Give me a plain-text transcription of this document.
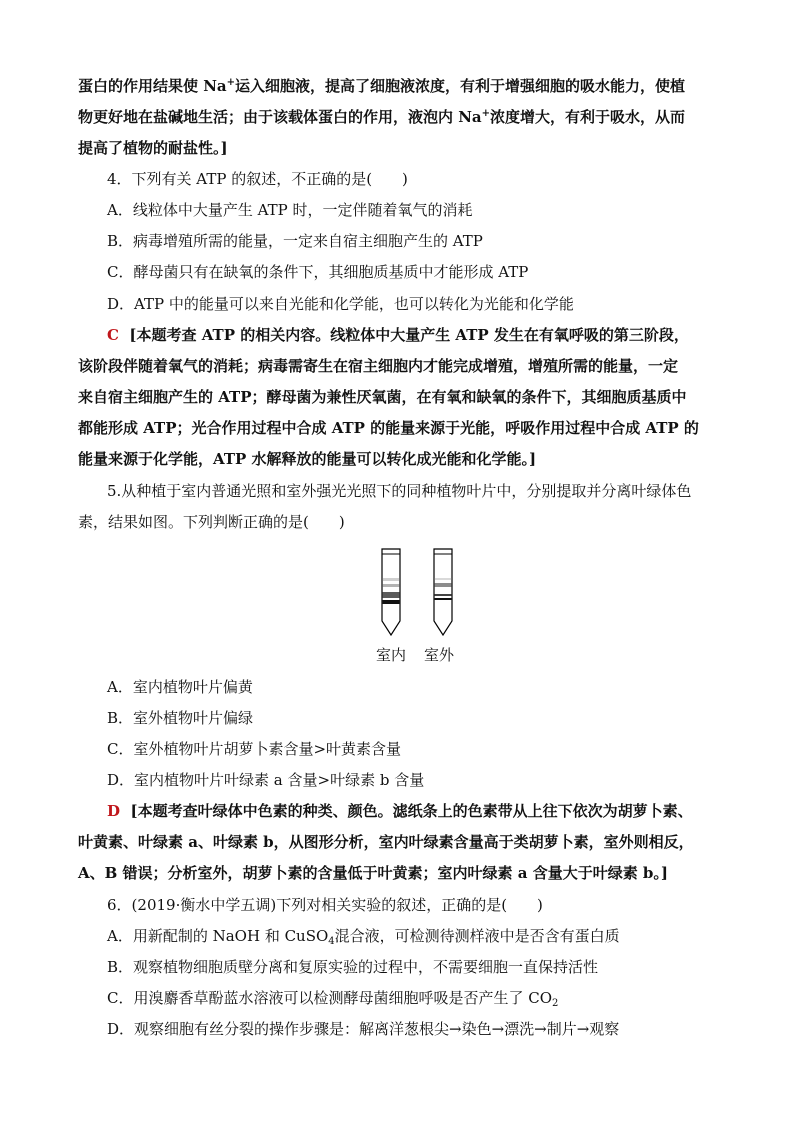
蛋白的作用结果使 Na+运入细胞液，提高了细胞液浓度，有利于增强细胞的吸水能力，使植
物更好地在盐碱地生活；由于该载体蛋白的作用，液泡内 Na+浓度增大，有利于吸水，从而
提高了植物的耐盐性。]
4．下列有关 ATP 的叙述，不正确的是(　　)
A．线粒体中大量产生 ATP 时，一定伴随着氧气的消耗
B．病毒增殖所需的能量，一定来自宿主细胞产生的 ATP
C．酵母菌只有在缺氧的条件下，其细胞质基质中才能形成 ATP
D．ATP 中的能量可以来自光能和化学能，也可以转化为光能和化学能
C [本题考查 ATP 的相关内容。线粒体中大量产生 ATP 发生在有氧呼吸的第三阶段，
该阶段伴随着氧气的消耗；病毒需寄生在宿主细胞内才能完成增殖，增殖所需的能量，一定
来自宿主细胞产生的 ATP；酵母菌为兼性厌氧菌，在有氧和缺氧的条件下，其细胞质基质中
都能形成 ATP；光合作用过程中合成 ATP 的能量来源于光能，呼吸作用过程中合成 ATP 的
能量来源于化学能，ATP 水解释放的能量可以转化成光能和化学能。]
5.从种植于室内普通光照和室外强光光照下的同种植物叶片中，分别提取并分离叶绿体色
素，结果如图。下列判断正确的是(　　)
室内 室外
A．室内植物叶片偏黄
B．室外植物叶片偏绿
C．室外植物叶片胡萝卜素含量>叶黄素含量
D．室内植物叶片叶绿素 a 含量>叶绿素 b 含量
D [本题考查叶绿体中色素的种类、颜色。滤纸条上的色素带从上往下依次为胡萝卜素、
叶黄素、叶绿素 a、叶绿素 b，从图形分析，室内叶绿素含量高于类胡萝卜素，室外则相反，
A、B 错误；分析室外，胡萝卜素的含量低于叶黄素；室内叶绿素 a 含量大于叶绿素 b。]
6．(2019·衡水中学五调)下列对相关实验的叙述，正确的是(　　)
A．用新配制的 NaOH 和 CuSO$_4$混合液，可检测待测样液中是否含有蛋白质
B．观察植物细胞质壁分离和复原实验的过程中，不需要细胞一直保持活性
C．用溴麝香草酚蓝水溶液可以检测酵母菌细胞呼吸是否产生了 $CO_2$
D．观察细胞有丝分裂的操作步骤是：解离洋葱根尖→染色→漂洗→制片→观察
